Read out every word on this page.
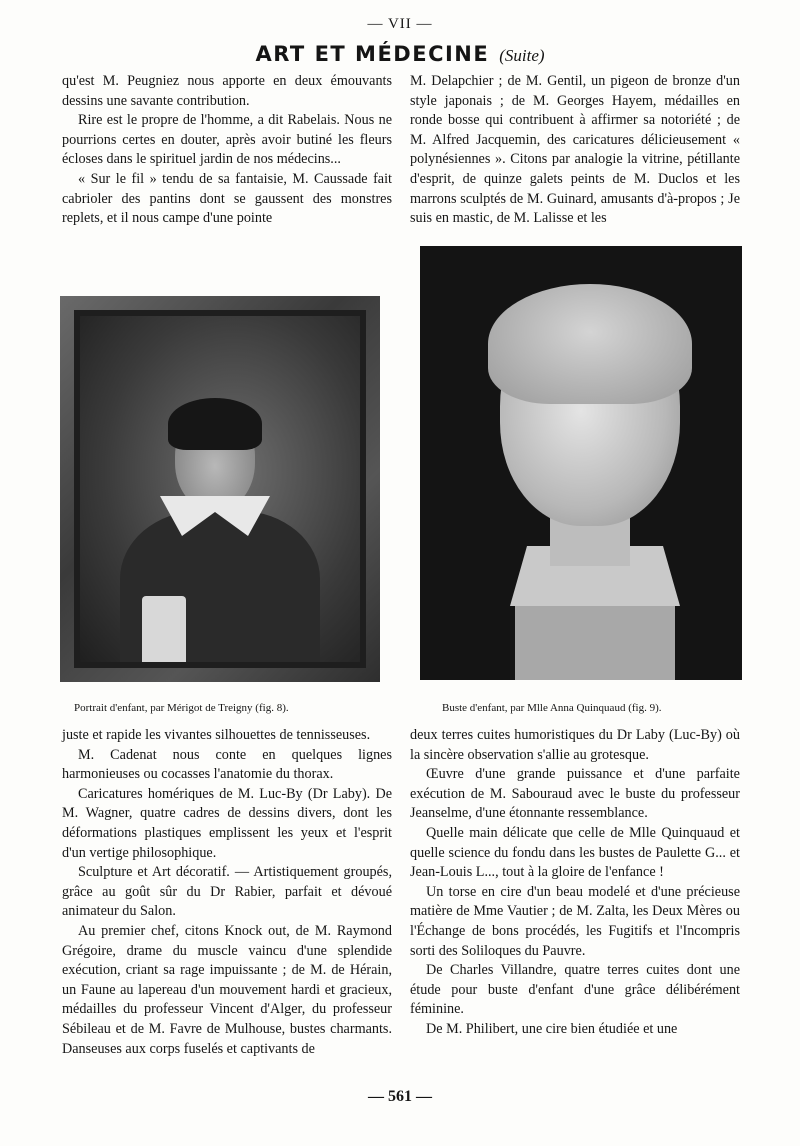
— VII —
ART ET MÉDECINE (Suite)

qu'est M. Peugniez nous apporte en deux émouvants dessins une savante contribution.

Rire est le propre de l'homme, a dit Rabelais. Nous ne pourrions certes en douter, après avoir butiné les fleurs écloses dans le spirituel jardin de nos médecins...

« Sur le fil » tendu de sa fantaisie, M. Caussade fait cabrioler des pantins dont se gaussent des monstres replets, et il nous campe d'une pointe

M. Delapchier ; de M. Gentil, un pigeon de bronze d'un style japonais ; de M. Georges Hayem, médailles en ronde bosse qui contribuent à affirmer sa notoriété ; de M. Alfred Jacquemin, des caricatures délicieusement « polynésiennes ». Citons par analogie la vitrine, pétillante d'esprit, de quinze galets peints de M. Duclos et les marrons sculptés de M. Guinard, amusants d'à-propos ; Je suis en mastic, de M. Lalisse et les

Portrait d'enfant, par Mérigot de Treigny (fig. 8).	Buste d'enfant, par Mlle Anna Quinquaud (fig. 9).

juste et rapide les vivantes silhouettes de tennisseuses.

M. Cadenat nous conte en quelques lignes harmonieuses ou cocasses l'anatomie du thorax.

Caricatures homériques de M. Luc-By (Dr Laby). De M. Wagner, quatre cadres de dessins divers, dont les déformations plastiques emplissent les yeux et l'esprit d'un vertige philosophique.

Sculpture et Art décoratif. — Artistiquement groupés, grâce au goût sûr du Dr Rabier, parfait et dévoué animateur du Salon.

Au premier chef, citons Knock out, de M. Raymond Grégoire, drame du muscle vaincu d'une splendide exécution, criant sa rage impuissante ; de M. de Hérain, un Faune au lapereau d'un mouvement hardi et gracieux, médailles du professeur Vincent d'Alger, du professeur Sébileau et de M. Favre de Mulhouse, bustes charmants. Danseuses aux corps fuselés et captivants de

deux terres cuites humoristiques du Dr Laby (Luc-By) où la sincère observation s'allie au grotesque.

Œuvre d'une grande puissance et d'une parfaite exécution de M. Sabouraud avec le buste du professeur Jeanselme, d'une étonnante ressemblance.

Quelle main délicate que celle de Mlle Quinquaud et quelle science du fondu dans les bustes de Paulette G... et Jean-Louis L..., tout à la gloire de l'enfance !

Un torse en cire d'un beau modelé et d'une précieuse matière de Mme Vautier ; de M. Zalta, les Deux Mères ou l'Échange de bons procédés, les Fugitifs et l'Incompris sorti des Soliloques du Pauvre.

De Charles Villandre, quatre terres cuites dont une étude pour buste d'enfant d'une grâce délibérément féminine.

De M. Philibert, une cire bien étudiée et une

— 561 —
